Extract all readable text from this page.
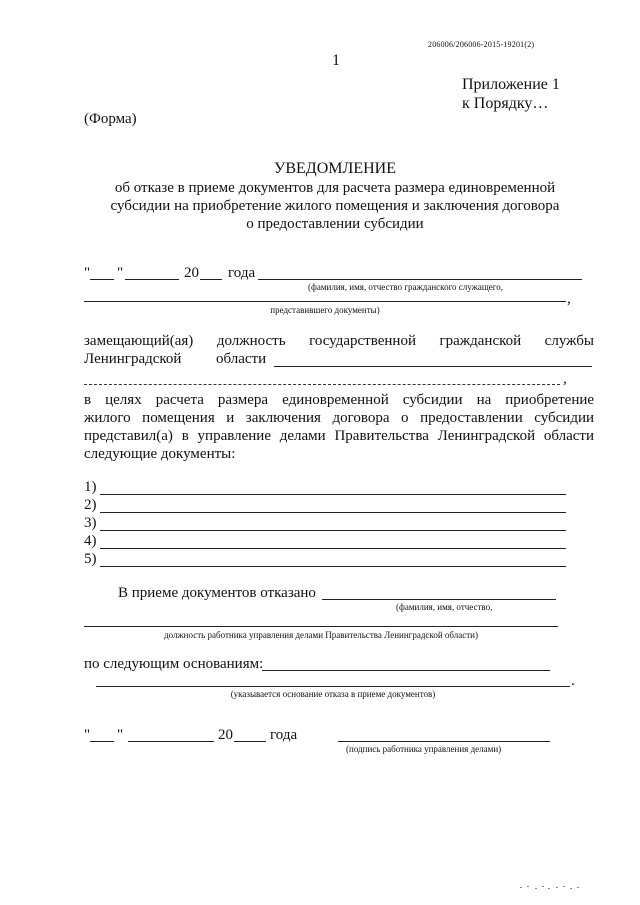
206006/206006-2015-19201(2)
1
Приложение 1
к Порядку…
(Форма)
УВЕДОМЛЕНИЕ
об отказе в приеме документов для расчета размера единовременной
субсидии на приобретение жилого помещения и заключения договора
о предоставлении субсидии
" "	20 года
(фамилия, имя, отчество гражданского служащего,
,
представившего документы)
замещающий(ая) должность государственной гражданской службы
Ленинградской области
,
в целях расчета размера единовременной субсидии на приобретение
жилого помещения и заключения договора о предоставлении субсидии
представил(а) в управление делами Правительства Ленинградской области
следующие документы:
1)
2)
3)
4)
5)
В приеме документов отказано
(фамилия, имя, отчество,
должность работника управления делами Правительства Ленинградской области)
по следующим основаниям:
.
(указывается основание отказа в приеме документов)
" "	20 года
(подпись работника управления делами)
